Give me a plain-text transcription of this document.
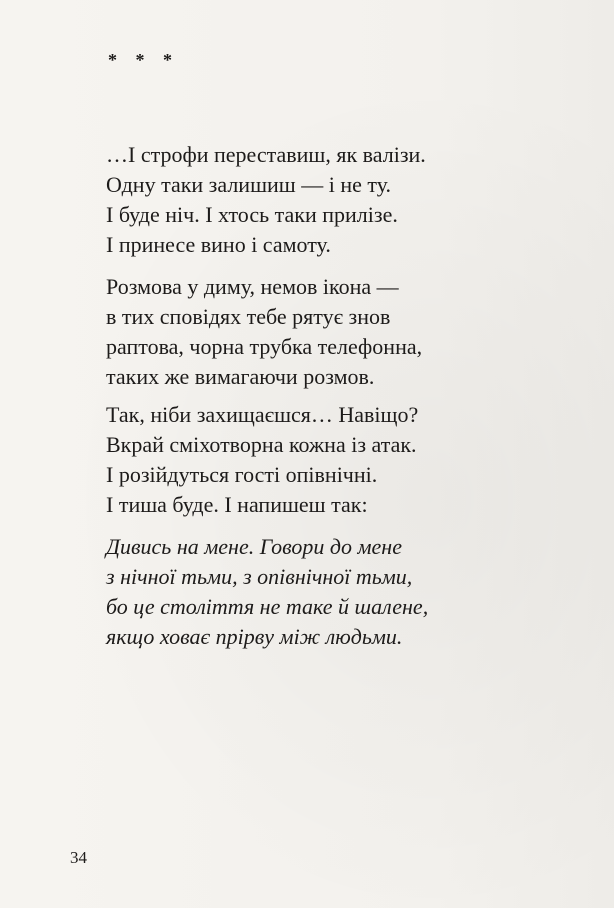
* * *
…І строфи переставиш, як валізи.
Одну таки залишиш — і не ту.
І буде ніч. І хтось таки прилізе.
І принесе вино і самоту.
Розмова у диму, немов ікона —
в тих сповідях тебе рятує знов
раптова, чорна трубка телефонна,
таких же вимагаючи розмов.
Так, ніби захищаєшся… Навіщо?
Вкрай сміхотворна кожна із атак.
І розійдуться гості опівнічні.
І тиша буде. І напишеш так:
Дивись на мене. Говори до мене
з нічної тьми, з опівнічної тьми,
бо це століття не таке й шалене,
якщо ховає прірву між людьми.
34
